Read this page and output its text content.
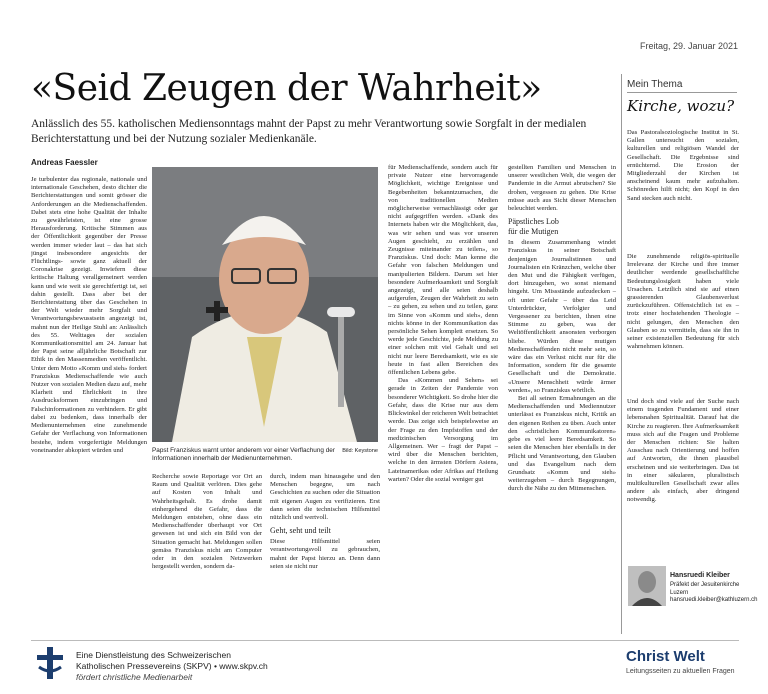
Freitag, 29. Januar 2021
«Seid Zeugen der Wahrheit»

Anlässlich des 55. katholischen Mediensonntags mahnt der Papst zu mehr Verantwortung sowie Sorgfalt in der medialen Berichterstattung und bei der Nutzung sozialer Medienkanäle.

Andreas Faessler

Je turbulenter das regionale, nationale und internationale Geschehen, desto dichter die Berichterstattungen und somit grösser die Anforderungen an die Medienschaffenden. Dabei stets eine hohe Qualität der Inhalte zu gewährleisten, ist eine grosse Herausforderung. Kritische Stimmen aus der Öffentlichkeit gegenüber der Presse werden immer wieder laut – das hat sich jüngst insbesondere angesichts der Flüchtlings- sowie ganz aktuell der Coronakrise gezeigt. Inwiefern diese kritische Haltung verallgemeinert werden kann und wie weit sie gerechtfertigt ist, sei dahin gestellt. Dass aber bei der Berichterstattung über das Geschehen in der Welt wieder mehr Sorgfalt und Verantwortungsbewusstsein angezeigt ist, mahnt nun der Heilige Stuhl an: Anlässlich des 55. Welttages der sozialen Kommunikationsmittel am 24. Januar hat der Papst seine alljährliche Botschaft zur Ethik in den Massenmedien veröffentlicht. Unter dem Motto «Komm und sieh» fordert Franziskus Medienschaffende wie auch Nutzer von sozialen Medien dazu auf, mehr Klarheit und Ehrlichkeit in ihre Ausdrucksformen einzubringen und Falschinformationen zu verhindern. Er gibt dabei zu bedenken, dass innerhalb der Medienunternehmen eine zunehmende Gefahr der Verflachung von Informationen bestehe, indem vorgefertigte Meldungen voneinander abkopiert würden und	Bild: Keystone
Papst Franziskus warnt unter anderem vor einer Verflachung der Informationen innerhalb der Medienunternehmen.

Recherche sowie Reportage vor Ort an Raum und Qualität verlören. Dies gehe auf Kosten von Inhalt und Wahrheitsgehalt. Es drohe damit einhergehend die Gefahr, dass die Meldungen entstehen, ohne dass ein Medienschaffender überhaupt vor Ort gewesen ist und sich ein Bild von der Situation gemacht hat. Meldungen sollen gemäss Franziskus nicht am Computer oder in den sozialen Netzwerken hergestellt werden, sondern da-

durch, indem man hinausgehe und den Menschen begegne, um nach Geschichten zu suchen oder die Situation mit eigenen Augen zu verifizieren. Erst dann seien die technischen Hilfsmittel nützlich und wertvoll.

Geht, seht und teilt

Diese Hilfsmittel seien verantwortungsvoll zu gebrauchen, mahnt der Papst hierzu an. Denn dann seien sie nicht nur

für Medienschaffende, sondern auch für private Nutzer eine hervorragende Möglichkeit, wichtige Ereignisse und Begebenheiten bekanntzumachen, die von traditionellen Medien möglicherweise vernachlässigt oder gar nicht aufgegriffen werden. «Dank des Internets haben wir die Möglichkeit, das, was wir sehen und was vor unseren Augen geschieht, zu erzählen und Zeugnisse miteinander zu teilen», so Franziskus. Und doch: Man kenne die Gefahr von falschen Meldungen und manipulierten Bildern. Darum sei hier besondere Aufmerksamkeit und Sorgfalt angezeigt, und alle seien deshalb aufgerufen, Zeugen der Wahrheit zu sein – zu gehen, zu sehen und zu teilen, ganz im Sinne von «Komm und sieh», denn nichts könne in der Kommunikation das persönliche Sehen komplett ersetzen. So werde jede Geschichte, jede Meldung zu einer solchen mit viel Gehalt und sei nicht nur leere Beredsamkeit, wie es sie heute in fast allen Bereichen des öffentlichen Lebens gebe.

Das «Kommen und Sehen» sei gerade in Zeiten der Pandemie von besonderer Wichtigkeit. So drohe hier die Gefahr, dass die Krise nur aus dem Blickwinkel der reicheren Welt betrachtet werde. Das zeige sich beispielsweise an der Frage zu den Impfstoffen und der medizinischen Versorgung im Allgemeinen. Wer – fragt der Papst – wird über die Menschen berichten, welche in den ärmsten Dörfern Asiens, Lateinamerikas oder Afrikas auf Heilung warten? Oder die sozial weniger gut

gestellten Familien und Menschen in unserer westlichen Welt, die wegen der Pandemie in die Armut abrutschen? Sie drohen, vergessen zu gehen. Die Krise müsse auch aus Sicht dieser Menschen beleuchtet werden.

Päpstliches Lob
für die Mutigen

In diesem Zusammenhang windet Franziskus in seiner Botschaft denjenigen Journalistinnen und Journalisten ein Kränzchen, welche über den Mut und die Fähigkeit verfügen, dort hinzugehen, wo sonst niemand hingeht. Um Missstände aufzudecken – oft unter Gefahr – über das Leid Unterdrückter, Verfolgter und Vergessener zu berichten, ihnen eine Stimme zu geben, was der Weltöffentlichkeit ansonsten verborgen bliebe. Würden diese mutigen Medienschaffenden nicht mehr sein, so wäre das ein Verlust nicht nur für die Information, sondern für die gesamte Gesellschaft und die Demokratie. «Unsere Menschheit würde ärmer werden», so Franziskus wörtlich.

Bei all seinen Ermahnungen an die Medienschaffenden und Mediennutzer unterlässt es Franziskus nicht, Kritik an den eigenen Reihen zu üben. Auch unter den «christlichen Kommunikatoren» gebe es viel leere Beredsamkeit. So seien die Menschen hier ebenfalls in der Pflicht und Verantwortung, den Glauben und das Evangelium nach dem Grundsatz «Komm und sieh» weiterzugeben – durch Begegnungen, durch die Nähe zu den Mitmenschen.

Mein Thema
Kirche, wozu?

Das Pastoralsoziologische Institut in St. Gallen untersucht den sozialen, kulturellen und religiösen Wandel der Gesellschaft. Die Ergebnisse sind ernüchternd. Die Erosion der Mitgliederzahl der Kirchen ist anscheinend kaum mehr aufzuhalten. Schönreden hilft nicht; den Kopf in den Sand stecken auch nicht.

Die zunehmende religiös-spirituelle Irrelevanz der Kirche und ihre immer deutlicher werdende gesellschaftliche Bedeutungslosigkeit haben viele Ursachen. Letztlich sind sie auf einen grassierenden Glaubensverlust zurückzuführen. Offensichtlich ist es – trotz einer hochstehenden Theologie – nicht gelungen, den Menschen den Glauben so zu vermitteln, dass sie ihn in seiner existenziellen Bedeutung für sich wahrnehmen können.

Und doch sind viele auf der Suche nach einem tragenden Fundament und einer lebensnahen Spiritualität. Darauf hat die Kirche zu reagieren. Ihre Aufmerksamkeit muss sich auf die Fragen und Probleme der Menschen richten: Sie halten Ausschau nach Orientierung und hoffen auf Antworten, die ihnen plausibel erscheinen und sie weiterbringen. Das ist in einer säkularen, pluralistisch multikulturellen Gesellschaft zwar alles andere als einfach, aber dringend notwendig.

Hansruedi Kleiber
Präfekt der Jesuitenkirche Luzern
hansruedi.kleiber@kathluzern.ch
Eine Dienstleistung des Schweizerischen
Katholischen Pressevereins (SKPV) • www.skpv.ch
fördert christliche Medienarbeit
Christ Welt
Leitungsseiten zu aktuellen Fragen
